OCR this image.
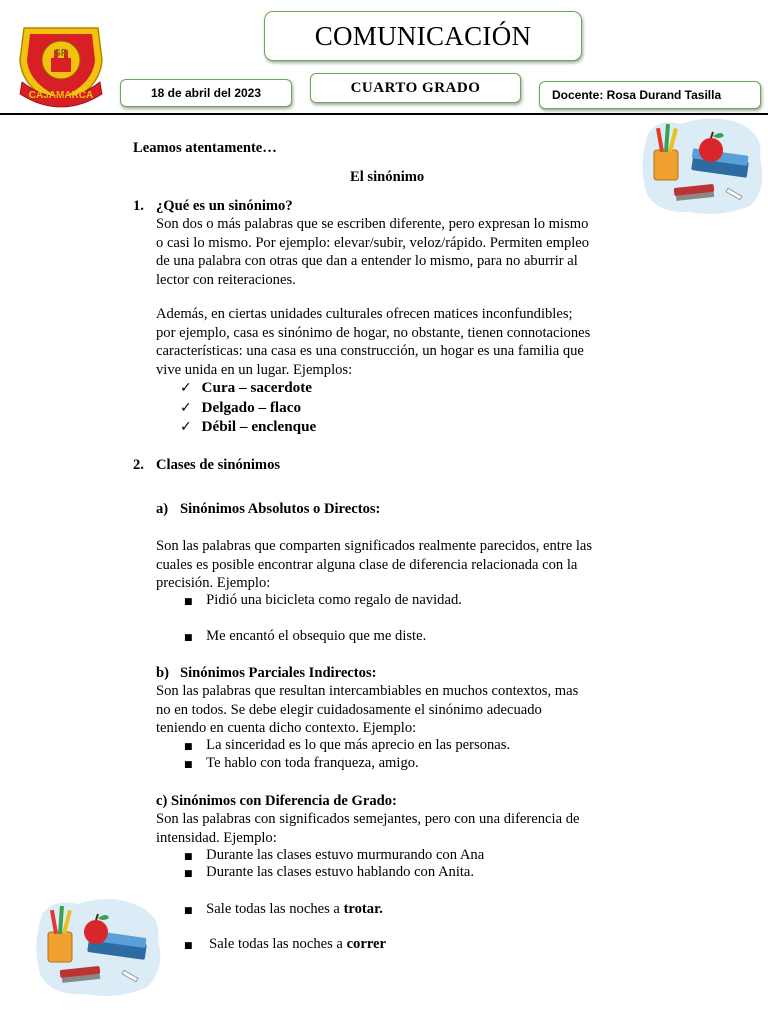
SR
CAJAMARCA
COMUNICACIÓN
18 de abril del 2023	CUARTO GRADO	Docente: Rosa Durand Tasilla
Leamos atentamente…
El sinónimo
1. ¿Qué es un sinónimo?
Son dos o más palabras que se escriben diferente, pero expresan lo mismo
o casi lo mismo. Por ejemplo: elevar/subir, veloz/rápido. Permiten empleo
de una palabra con otras que dan a entender lo mismo, para no aburrir al
lector con reiteraciones.
Además, en ciertas unidades culturales ofrecen matices inconfundibles;
por ejemplo, casa es sinónimo de hogar, no obstante, tienen connotaciones
características: una casa es una construcción, un hogar es una familia que
vive unida en un lugar. Ejemplos:
✓ Cura – sacerdote
✓ Delgado – flaco
✓ Débil – enclenque
2. Clases de sinónimos
a) Sinónimos Absolutos o Directos:
Son las palabras que comparten significados realmente parecidos, entre las
cuales es posible encontrar alguna clase de diferencia relacionada con la
precisión. Ejemplo:
■ Pidió una bicicleta como regalo de navidad.
■ Me encantó el obsequio que me diste.
b) Sinónimos Parciales Indirectos:
Son las palabras que resultan intercambiables en muchos contextos, mas
no en todos. Se debe elegir cuidadosamente el sinónimo adecuado
teniendo en cuenta dicho contexto. Ejemplo:
■ La sinceridad es lo que más aprecio en las personas.
■ Te hablo con toda franqueza, amigo.
c) Sinónimos con Diferencia de Grado:
Son las palabras con significados semejantes, pero con una diferencia de
intensidad. Ejemplo:
■ Durante las clases estuvo murmurando con Ana
■ Durante las clases estuvo hablando con Anita.
■ Sale todas las noches a trotar.
■ Sale todas las noches a correr
